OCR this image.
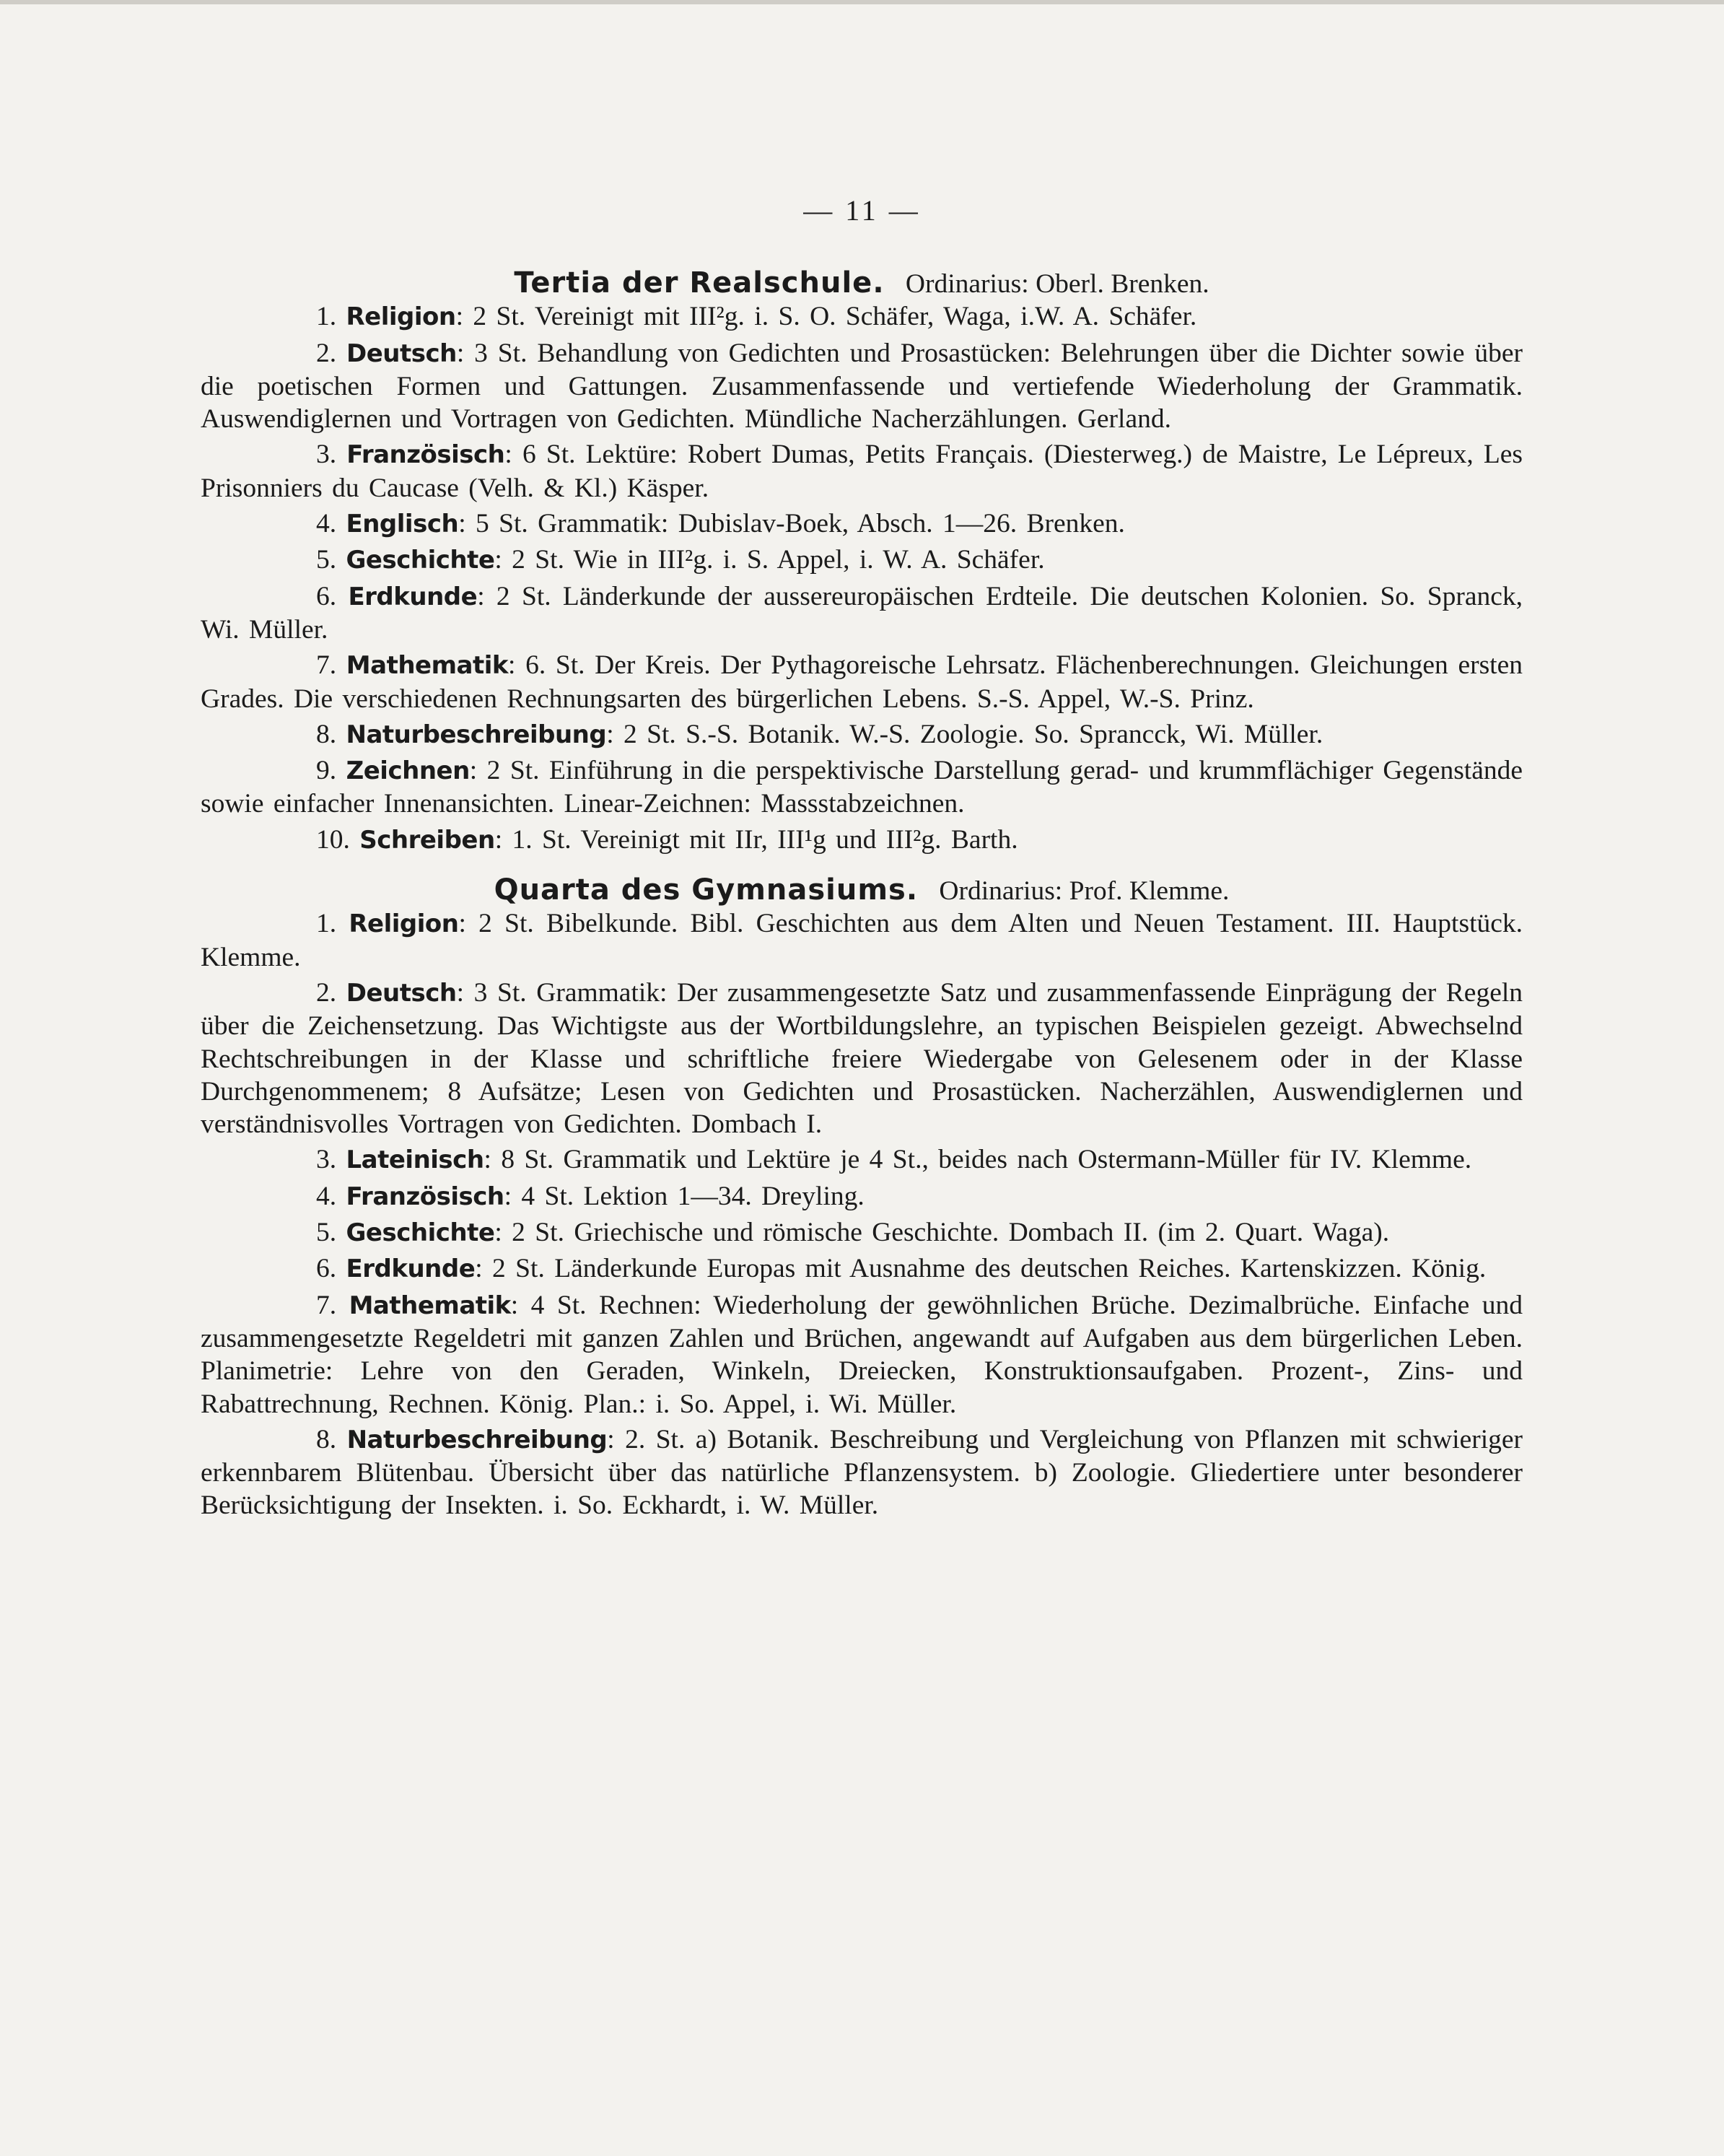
— 11 —

Tertia der Realschule. Ordinarius: Oberl. Brenken.

1. Religion: 2 St. Vereinigt mit III²g. i. S. O. Schäfer, Waga, i.W. A. Schäfer.

2. Deutsch: 3 St. Behandlung von Gedichten und Prosastücken: Belehrungen über die Dichter sowie über die poetischen Formen und Gattungen. Zusammenfassende und vertiefende Wiederholung der Grammatik. Auswendiglernen und Vortragen von Gedichten. Mündliche Nacherzählungen. Gerland.

3. Französisch: 6 St. Lektüre: Robert Dumas, Petits Français. (Diesterweg.) de Maistre, Le Lépreux, Les Prisonniers du Caucase (Velh. & Kl.) Käsper.

4. Englisch: 5 St. Grammatik: Dubislav-Boek, Absch. 1—26. Brenken.

5. Geschichte: 2 St. Wie in III²g. i. S. Appel, i. W. A. Schäfer.

6. Erdkunde: 2 St. Länderkunde der aussereuropäischen Erdteile. Die deutschen Kolonien. So. Spranck, Wi. Müller.

7. Mathematik: 6. St. Der Kreis. Der Pythagoreische Lehrsatz. Flächenberechnungen. Gleichungen ersten Grades. Die verschiedenen Rechnungsarten des bürgerlichen Lebens. S.-S. Appel, W.-S. Prinz.

8. Naturbeschreibung: 2 St. S.-S. Botanik. W.-S. Zoologie. So. Sprancck, Wi. Müller.

9. Zeichnen: 2 St. Einführung in die perspektivische Darstellung gerad- und krummflächiger Gegenstände sowie einfacher Innenansichten. Linear-Zeichnen: Massstabzeichnen.

10. Schreiben: 1. St. Vereinigt mit IIr, III¹g und III²g. Barth.

Quarta des Gymnasiums. Ordinarius: Prof. Klemme.

1. Religion: 2 St. Bibelkunde. Bibl. Geschichten aus dem Alten und Neuen Testament. III. Hauptstück. Klemme.

2. Deutsch: 3 St. Grammatik: Der zusammengesetzte Satz und zusammenfassende Einprägung der Regeln über die Zeichensetzung. Das Wichtigste aus der Wortbildungslehre, an typischen Beispielen gezeigt. Abwechselnd Rechtschreibungen in der Klasse und schriftliche freiere Wiedergabe von Gelesenem oder in der Klasse Durchgenommenem; 8 Aufsätze; Lesen von Gedichten und Prosastücken. Nacherzählen, Auswendiglernen und verständnisvolles Vortragen von Gedichten. Dombach I.

3. Lateinisch: 8 St. Grammatik und Lektüre je 4 St., beides nach Ostermann-Müller für IV. Klemme.

4. Französisch: 4 St. Lektion 1—34. Dreyling.

5. Geschichte: 2 St. Griechische und römische Geschichte. Dombach II. (im 2. Quart. Waga).

6. Erdkunde: 2 St. Länderkunde Europas mit Ausnahme des deutschen Reiches. Kartenskizzen. König.

7. Mathematik: 4 St. Rechnen: Wiederholung der gewöhnlichen Brüche. Dezimalbrüche. Einfache und zusammengesetzte Regeldetri mit ganzen Zahlen und Brüchen, angewandt auf Aufgaben aus dem bürgerlichen Leben. Planimetrie: Lehre von den Geraden, Winkeln, Dreiecken, Konstruktionsaufgaben. Prozent-, Zins- und Rabattrechnung, Rechnen. König. Plan.: i. So. Appel, i. Wi. Müller.

8. Naturbeschreibung: 2. St. a) Botanik. Beschreibung und Vergleichung von Pflanzen mit schwieriger erkennbarem Blütenbau. Übersicht über das natürliche Pflanzensystem. b) Zoologie. Gliedertiere unter besonderer Berücksichtigung der Insekten. i. So. Eckhardt, i. W. Müller.
